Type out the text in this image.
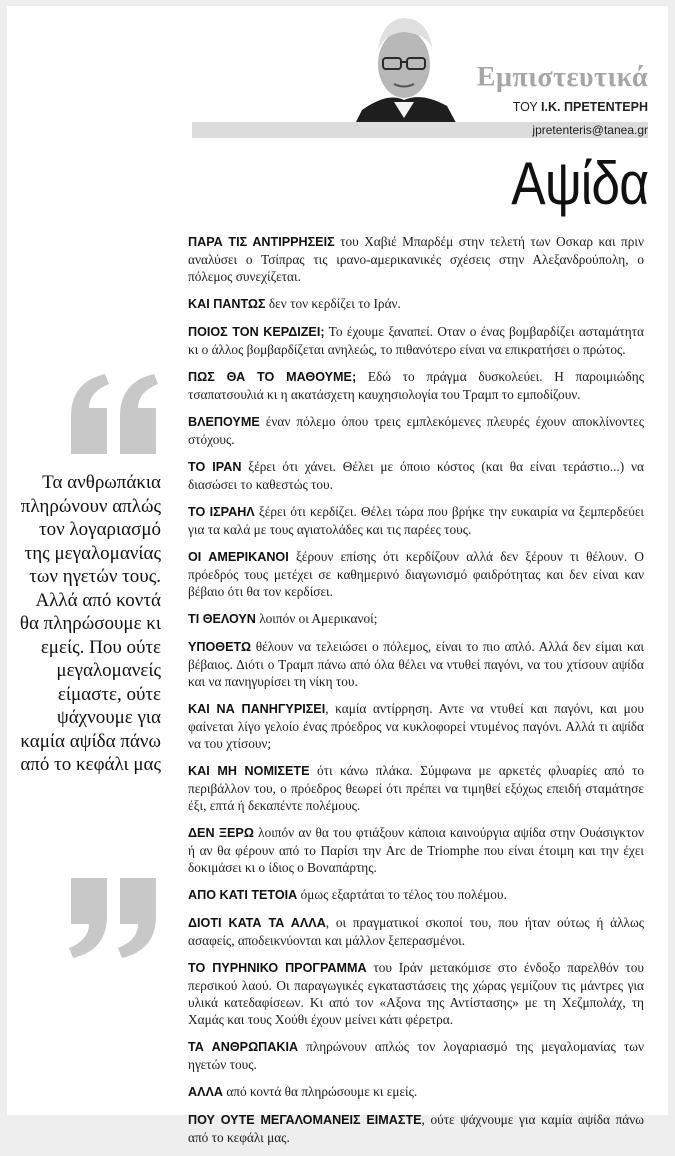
Εμπιστευτικά
ΤΟΥ Ι.Κ. ΠΡΕΤΕΝΤΕΡΗ
jpretenteris@tanea.gr
Αψίδα
Τα ανθρωπάκια πληρώνουν απλώς τον λογαριασμό της μεγαλομανίας των ηγετών τους. Αλλά από κοντά θα πληρώσουμε κι εμείς. Που ούτε μεγαλομανείς είμαστε, ούτε ψάχνουμε για καμία αψίδα πάνω από το κεφάλι μας

ΠΑΡΑ ΤΙΣ ΑΝΤΙΡΡΗΣΕΙΣ του Χαβιέ Μπαρδέμ στην τελετή των Οσκαρ και πριν αναλύσει ο Τσίπρας τις ιρανο-αμερικανικές σχέσεις στην Αλεξανδρούπολη, ο πόλεμος συνεχίζεται.

ΚΑΙ ΠΑΝΤΩΣ δεν τον κερδίζει το Ιράν.

ΠΟΙΟΣ ΤΟΝ ΚΕΡΔΙΖΕΙ; Το έχουμε ξαναπεί. Οταν ο ένας βομβαρδίζει ασταμάτητα κι ο άλλος βομβαρδίζεται ανηλεώς, το πιθανότερο είναι να επικρατήσει ο πρώτος.

ΠΩΣ ΘΑ ΤΟ ΜΑΘΟΥΜΕ; Εδώ το πράγμα δυσκολεύει. Η παροιμιώδης τσαπατσουλιά κι η ακατάσχετη καυχησιολογία του Τραμπ το εμποδίζουν.

ΒΛΕΠΟΥΜΕ έναν πόλεμο όπου τρεις εμπλεκόμενες πλευρές έχουν αποκλίνοντες στόχους.

ΤΟ ΙΡΑΝ ξέρει ότι χάνει. Θέλει με όποιο κόστος (και θα είναι τεράστιο...) να διασώσει το καθεστώς του.

ΤΟ ΙΣΡΑΗΛ ξέρει ότι κερδίζει. Θέλει τώρα που βρήκε την ευκαιρία να ξεμπερδεύει για τα καλά με τους αγιατολάδες και τις παρέες τους.

ΟΙ ΑΜΕΡΙΚΑΝΟΙ ξέρουν επίσης ότι κερδίζουν αλλά δεν ξέρουν τι θέλουν. Ο πρόεδρός τους μετέχει σε καθημερινό διαγωνισμό φαιδρότητας και δεν είναι καν βέβαιο ότι θα τον κερδίσει.

ΤΙ ΘΕΛΟΥΝ λοιπόν οι Αμερικανοί;

ΥΠΟΘΕΤΩ θέλουν να τελειώσει ο πόλεμος, είναι το πιο απλό. Αλλά δεν είμαι και βέβαιος. Διότι ο Τραμπ πάνω από όλα θέλει να ντυθεί παγόνι, να του χτίσουν αψίδα και να πανηγυρίσει τη νίκη του.

ΚΑΙ ΝΑ ΠΑΝΗΓΥΡΙΣΕΙ, καμία αντίρρηση. Αντε να ντυθεί και παγόνι, και μου φαίνεται λίγο γελοίο ένας πρόεδρος να κυκλοφορεί ντυμένος παγόνι. Αλλά τι αψίδα να του χτίσουν;

ΚΑΙ ΜΗ ΝΟΜΙΣΕΤΕ ότι κάνω πλάκα. Σύμφωνα με αρκετές φλυαρίες από το περιβάλλον του, ο πρόεδρος θεωρεί ότι πρέπει να τιμηθεί εξόχως επειδή σταμάτησε έξι, επτά ή δεκαπέντε πολέμους.

ΔΕΝ ΞΕΡΩ λοιπόν αν θα του φτιάξουν κάποια καινούργια αψίδα στην Ουάσιγκτον ή αν θα φέρουν από το Παρίσι την Arc de Triomphe που είναι έτοιμη και την έχει δοκιμάσει κι ο ίδιος ο Βοναπάρτης.

ΑΠΟ ΚΑΤΙ ΤΕΤΟΙΑ όμως εξαρτάται το τέλος του πολέμου.

ΔΙΟΤΙ ΚΑΤΑ ΤΑ ΑΛΛΑ, οι πραγματικοί σκοποί του, που ήταν ούτως ή άλλως ασαφείς, αποδεικνύονται και μάλλον ξεπερασμένοι.

ΤΟ ΠΥΡΗΝΙΚΟ ΠΡΟΓΡΑΜΜΑ του Ιράν μετακόμισε στο ένδοξο παρελθόν του περσικού λαού. Οι παραγωγικές εγκαταστάσεις της χώρας γεμίζουν τις μάντρες για υλικά κατεδαφίσεων. Κι από τον «Αξονα της Αντίστασης» με τη Χεζμπολάχ, τη Χαμάς και τους Χούθι έχουν μείνει κάτι φέρετρα.

ΤΑ ΑΝΘΡΩΠΑΚΙΑ πληρώνουν απλώς τον λογαριασμό της μεγαλομανίας των ηγετών τους.

ΑΛΛΑ από κοντά θα πληρώσουμε κι εμείς.

ΠΟΥ ΟΥΤΕ ΜΕΓΑΛΟΜΑΝΕΙΣ ΕΙΜΑΣΤΕ, ούτε ψάχνουμε για καμία αψίδα πάνω από το κεφάλι μας.
